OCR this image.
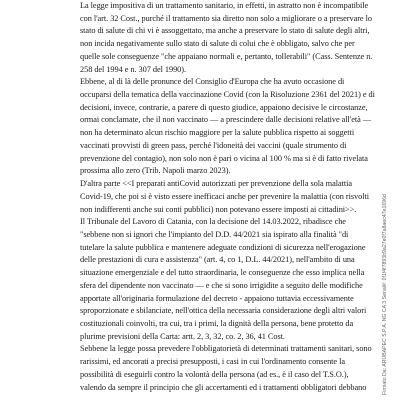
La legge impositiva di un trattamento sanitario, in effetti, in astratto non è incompatibile
con l'art. 32 Cost., purché il trattamento sia diretto non solo a migliorare o a preservare lo
stato di salute di chi vi è assoggettato, ma anche a preservare lo stato di salute degli altri,
non incida negativamente sullo stato di salute di colui che è obbligato, salvo che per
quelle sole conseguenze "che appaiano normali e, pertanto, tollerabili" (Cass. Sentenze n.
258 del 1994 e n. 307 del 1990).
Ebbene, al di là delle pronunce del Consiglio d'Europa che ha avuto occasione di
occuparsi della tematica della vaccinazione Covid (con la Risoluzione 2361 del 2021) e di
decisioni, invece, contrarie, a parere di questo giudice, appaiono decisive le circostanze,
ormai conclamate, che il non vaccinato — a prescindere dalle decisioni relative all'età —
non ha determinato alcun rischio maggiore per la salute pubblica rispetto ai soggetti
vaccinati provvisti di green pass, perché l'idoneità dei vaccini (quale strumento di
prevenzione del contagio), non solo non è pari o vicina al 100 % ma si è di fatto rivelata
prossima allo zero (Trib. Napoli marzo 2023).
D'altra parte <<I preparati antiCovid autorizzati per prevenzione della sola malattia
Covid-19, che poi si è visto essere inefficaci anche per prevenire la malattia (con risvolti
non indifferenti anche sui conti pubblici) non potevano essere imposti ai cittadini>>.
Il Tribunale del Lavoro di Catania, con la decisione del 14.03.2022, ribadisce che
"sebbene non si ignori che l'impianto del D.D. 44/2021 sia ispirato alla finalità "di
tutelare la salute pubblica e mantenere adeguate condizioni di sicurezza nell'erogazione
delle prestazioni di cura e assistenza" (art. 4, co 1, D.L. 44/2021), nell'ambito di una
situazione emergenziale e del tutto straordinaria, le conseguenze che esso implica nella
sfera del dipendente non vaccinato — e che si sono irrigidite a seguito delle modifiche
apportate all'originaria formulazione del decreto - appaiono tuttavia eccessivamente
sproporzionate e sbilanciate, nell'ottica della necessaria considerazione degli altri valori
costituzionali coinvolti, tra cui, tra i primi, la dignità della persona, bene protetto da
plurime previsioni della Carta: artt. 2, 3, 32, co. 2, 36, 41 Cost.
Sebbene la legge possa prevedere l'obbligatorietà di determinati trattamenti sanitari, sono
rarissimi, ed ancorati a precisi presupposti, i casi in cui l'ordinamento consente la
possibilità di eseguirli contro la volontà della persona (ad es., è il caso del T.S.O.),
valendo da sempre il principio che gli accertamenti ed i trattamenti obbligatori debbano	Firmato Da: ARUBAPEC S.P.A. NG CA 3 Serial#: 0f1f4f7893b9a27e0f7a8aec47e1696d
